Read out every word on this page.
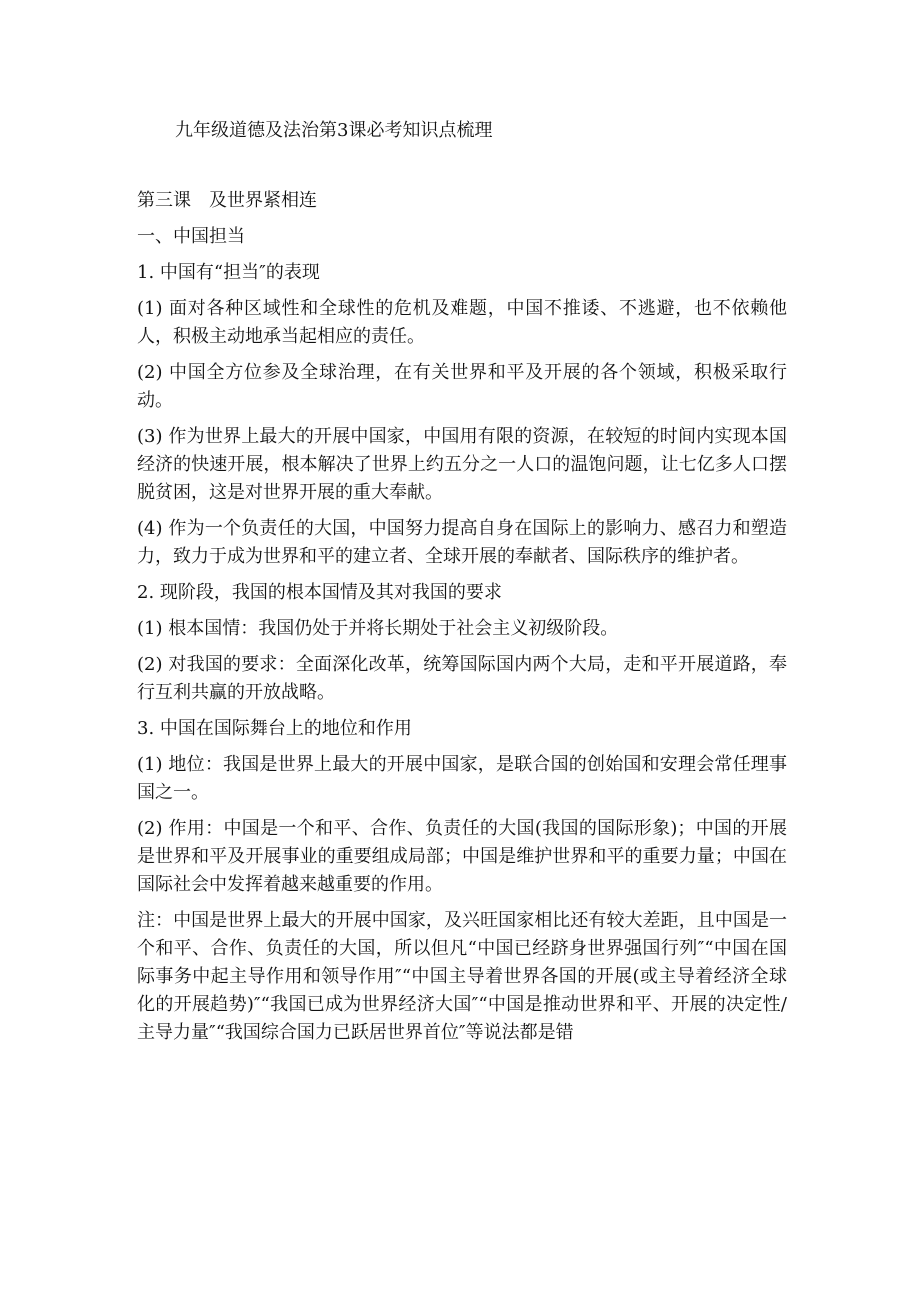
九年级道德及法治第3课必考知识点梳理

第三课　及世界紧相连

一、中国担当

1. 中国有“担当″的表现

(1) 面对各种区域性和全球性的危机及难题，中国不推诿、不逃避，也不依赖他人，积极主动地承当起相应的责任。

(2) 中国全方位参及全球治理，在有关世界和平及开展的各个领域，积极采取行动。

(3) 作为世界上最大的开展中国家，中国用有限的资源，在较短的时间内实现本国经济的快速开展，根本解决了世界上约五分之一人口的温饱问题，让七亿多人口摆脱贫困，这是对世界开展的重大奉献。

(4) 作为一个负责任的大国，中国努力提高自身在国际上的影响力、感召力和塑造力，致力于成为世界和平的建立者、全球开展的奉献者、国际秩序的维护者。

2. 现阶段，我国的根本国情及其对我国的要求

(1) 根本国情：我国仍处于并将长期处于社会主义初级阶段。

(2) 对我国的要求：全面深化改革，统筹国际国内两个大局，走和平开展道路，奉行互利共赢的开放战略。

3. 中国在国际舞台上的地位和作用

(1) 地位：我国是世界上最大的开展中国家，是联合国的创始国和安理会常任理事国之一。

(2) 作用：中国是一个和平、合作、负责任的大国(我国的国际形象)；中国的开展是世界和平及开展事业的重要组成局部；中国是维护世界和平的重要力量；中国在国际社会中发挥着越来越重要的作用。

注：中国是世界上最大的开展中国家，及兴旺国家相比还有较大差距，且中国是一个和平、合作、负责任的大国，所以但凡“中国已经跻身世界强国行列″“中国在国际事务中起主导作用和领导作用″“中国主导着世界各国的开展(或主导着经济全球化的开展趋势)″“我国已成为世界经济大国″“中国是推动世界和平、开展的决定性/主导力量″“我国综合国力已跃居世界首位″等说法都是错
